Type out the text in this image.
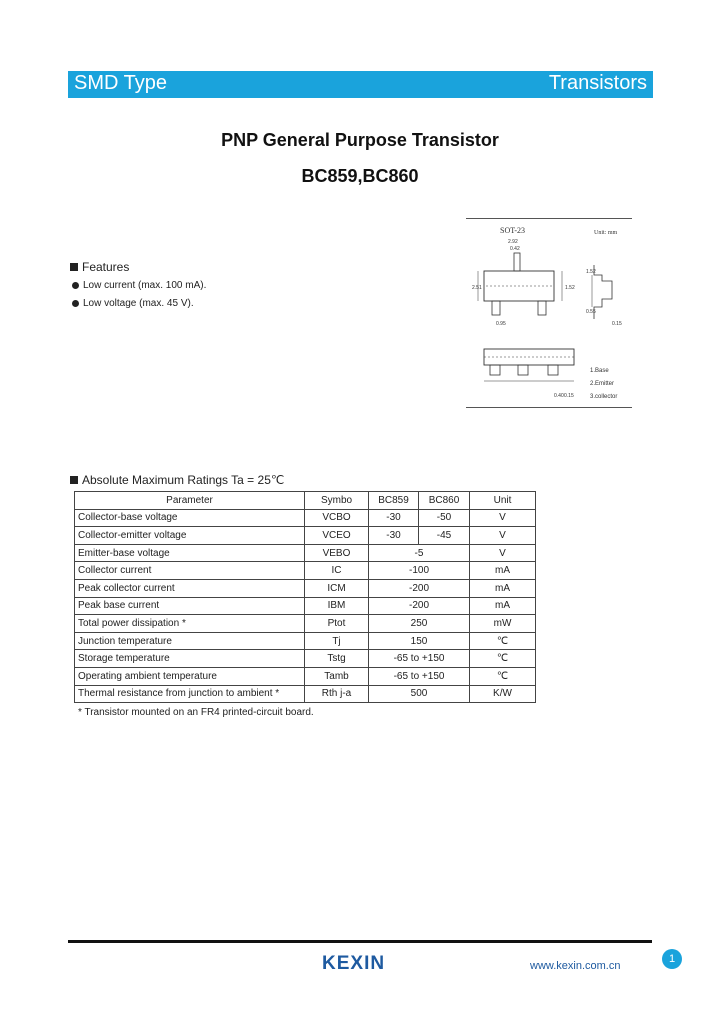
SMD Type	Transistors
PNP General Purpose Transistor
BC859,BC860
Features
Low current (max. 100 mA).
Low voltage (max. 45 V).
SOT-23	Unit: mm
2.92
0.42
2.51	1.52
0.95
1.52
0.55
0.15
0.40 0.15
1.Base
2.Emitter
3.collector
Absolute Maximum Ratings Ta = 25℃
Parameter	Symbo	BC859	BC860	Unit
Collector-base voltage	VCBO	-30	-50	V
Collector-emitter voltage	VCEO	-30	-45	V
Emitter-base voltage	VEBO	-5		V
Collector current	IC	-100		mA
Peak collector current	ICM	-200		mA
Peak base current	IBM	-200		mA
Total power dissipation *	Ptot	250		mW
Junction temperature	Tj	150		℃
Storage temperature	Tstg	-65 to +150		℃
Operating ambient temperature	Tamb	-65 to +150		℃
Thermal resistance from junction to ambient *	Rth j-a	500		K/W
* Transistor mounted on an FR4 printed-circuit board.
KEXIN	www.kexin.com.cn
1
